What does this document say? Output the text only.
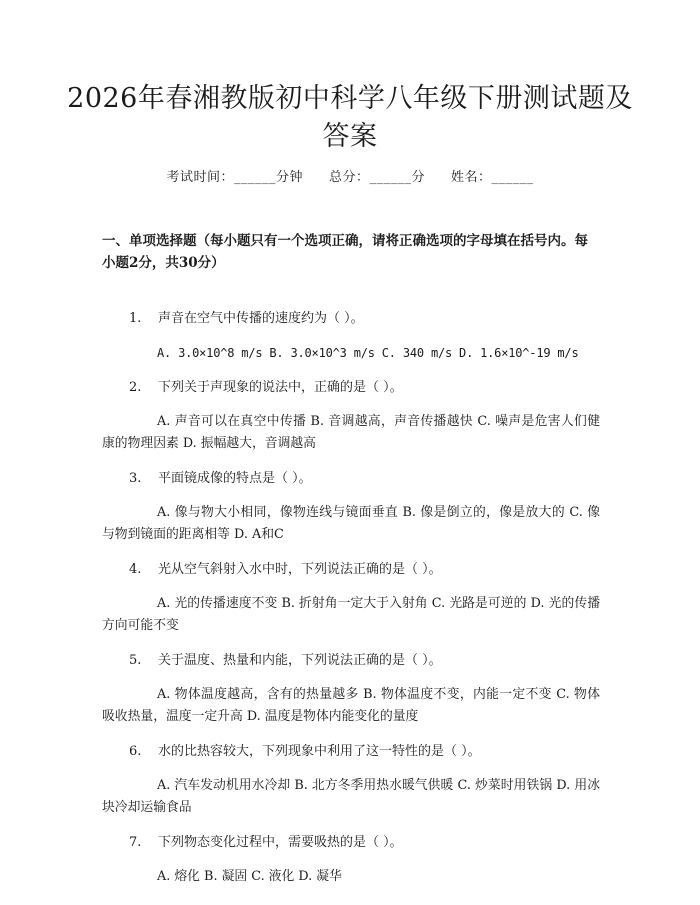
2026年春湘教版初中科学八年级下册测试题及答案
考试时间：______分钟 总分：______分 姓名：______
一、单项选择题（每小题只有一个选项正确，请将正确选项的字母填在括号内。每小题2分，共30分）
1.	声音在空气中传播的速度约为（ ）。
A. 3.0×10^8 m/s B. 3.0×10^3 m/s C. 340 m/s D. 1.6×10^-19 m/s
2.	下列关于声现象的说法中，正确的是（ ）。
A. 声音可以在真空中传播 B. 音调越高，声音传播越快 C. 噪声是危害人们健康的物理因素 D. 振幅越大，音调越高
3.	平面镜成像的特点是（ ）。
A. 像与物大小相同，像物连线与镜面垂直 B. 像是倒立的，像是放大的 C. 像与物到镜面的距离相等 D. A和C
4.	光从空气斜射入水中时，下列说法正确的是（ ）。
A. 光的传播速度不变 B. 折射角一定大于入射角 C. 光路是可逆的 D. 光的传播方向可能不变
5.	关于温度、热量和内能，下列说法正确的是（ ）。
A. 物体温度越高，含有的热量越多 B. 物体温度不变，内能一定不变 C. 物体吸收热量，温度一定升高 D. 温度是物体内能变化的量度
6.	水的比热容较大，下列现象中利用了这一特性的是（ ）。
A. 汽车发动机用水冷却 B. 北方冬季用热水暖气供暖 C. 炒菜时用铁锅 D. 用冰块冷却运输食品
7.	下列物态变化过程中，需要吸热的是（ ）。
A. 熔化 B. 凝固 C. 液化 D. 凝华
